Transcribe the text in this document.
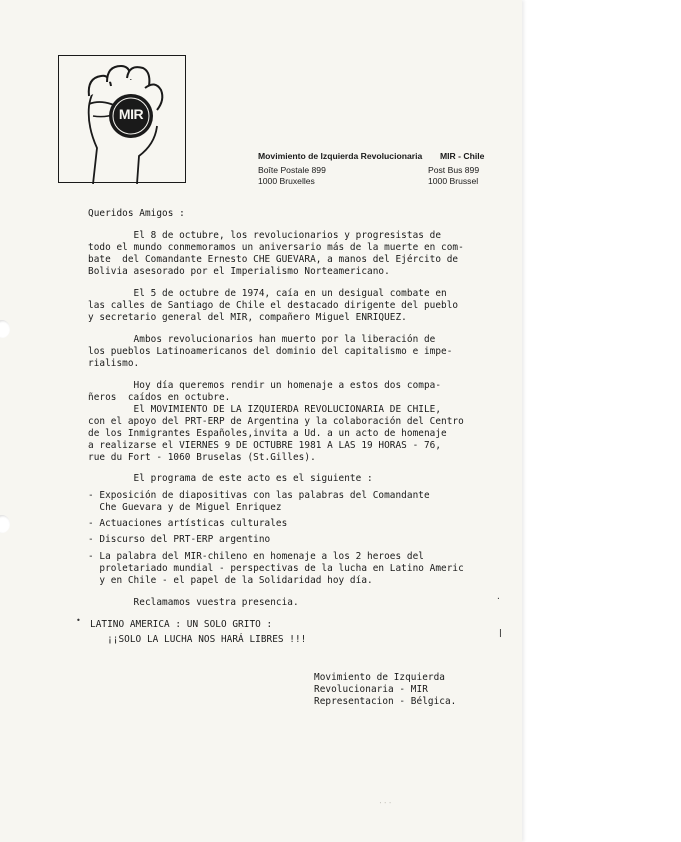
MIR
Movimiento de Izquierda Revolucionaria MIR - Chile
Boîte Postale 899
1000 Bruxelles
Post Bus 899
1000 Brussel
Queridos Amigos :
El 8 de octubre, los revolucionarios y progresistas de
todo el mundo conmemoramos un aniversario más de la muerte en com-
bate  del Comandante Ernesto CHE GUEVARA, a manos del Ejército de
Bolivia asesorado por el Imperialismo Norteamericano.
El 5 de octubre de 1974, caía en un desigual combate en
las calles de Santiago de Chile el destacado dirigente del pueblo
y secretario general del MIR, compañero Miguel ENRIQUEZ.
Ambos revolucionarios han muerto por la liberación de
los pueblos Latinoamericanos del dominio del capitalismo e impe-
rialismo.
Hoy día queremos rendir un homenaje a estos dos compa-
ñeros  caídos en octubre.
El MOVIMIENTO DE LA IZQUIERDA REVOLUCIONARIA DE CHILE,
con el apoyo del PRT-ERP de Argentina y la colaboración del Centro
de los Inmigrantes Españoles,invita a Ud. a un acto de homenaje
a realizarse el VIERNES 9 DE OCTUBRE 1981 A LAS 19 HORAS - 76,
rue du Fort - 1060 Bruselas (St.Gilles).
El programa de este acto es el siguiente :
- Exposición de diapositivas con las palabras del Comandante
Che Guevara y de Miguel Enriquez
- Actuaciones artísticas culturales
- Discurso del PRT-ERP argentino
- La palabra del MIR-chileno en homenaje a los 2 heroes del
proletariado mundial - perspectivas de la lucha en Latino Americ
y en Chile - el papel de la Solidaridad hoy día.
Reclamamos vuestra presencia.
LATINO AMERICA : UN SOLO GRITO :
¡¡SOLO LA LUCHA NOS HARÁ LIBRES !!!
Movimiento de Izquierda
Revolucionaria - MIR
Representacion - Bélgica.
•
.
|
...
